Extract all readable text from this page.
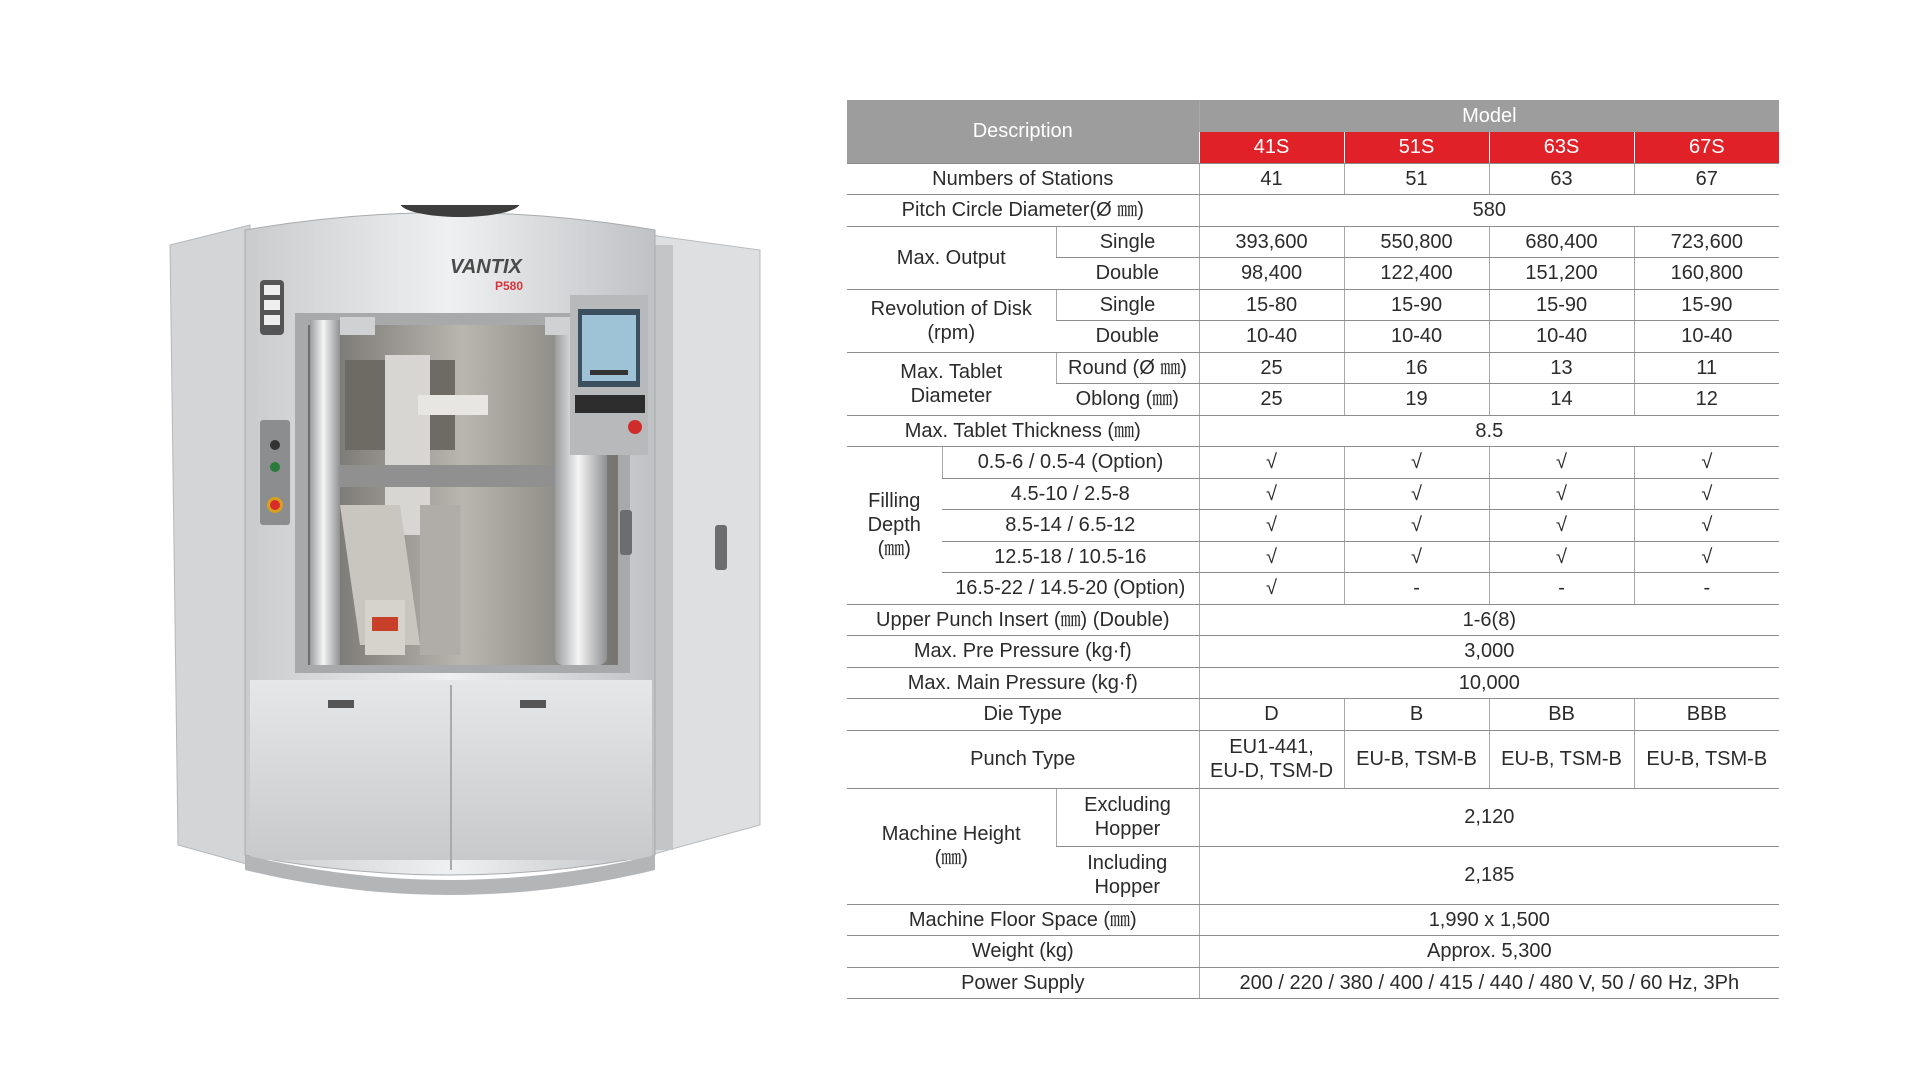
VANTIX
P580
Description			Model			
			41S	51S	63S	67S
Numbers of Stations			41	51	63	67
Pitch Circle Diameter(Ø ㎜)			580			
Max. Output		Single	393,600	550,800	680,400	723,600
		Double	98,400	122,400	151,200	160,800
Revolution of Disk
(rpm)		Single	15-80	15-90	15-90	15-90
		Double	10-40	10-40	10-40	10-40
Max. Tablet
Diameter		Round (Ø ㎜)	25	16	13	11
		Oblong (㎜)	25	19	14	12
Max. Tablet Thickness (㎜)			8.5			
Filling
Depth
(㎜)	0.5-6 / 0.5-4 (Option)		√	√	√	√
	4.5-10 / 2.5-8		√	√	√	√
	8.5-14 / 6.5-12		√	√	√	√
	12.5-18 / 10.5-16		√	√	√	√
	16.5-22 / 14.5-20 (Option)		√	-	-	-
Upper Punch Insert (㎜) (Double)			1-6(8)			
Max. Pre Pressure (kg·f)			3,000			
Max. Main Pressure (kg·f)			10,000			
Die Type			D	B	BB	BBB
Punch Type			EU1-441,
EU-D, TSM-D	EU-B, TSM-B	EU-B, TSM-B	EU-B, TSM-B
Machine Height
(㎜)		Excluding
Hopper	2,120			
		Including
Hopper	2,185			
Machine Floor Space (㎜)			1,990 x 1,500			
Weight (kg)			Approx. 5,300			
Power Supply			200 / 220 / 380 / 400 / 415 / 440 / 480 V, 50 / 60 Hz, 3Ph			
